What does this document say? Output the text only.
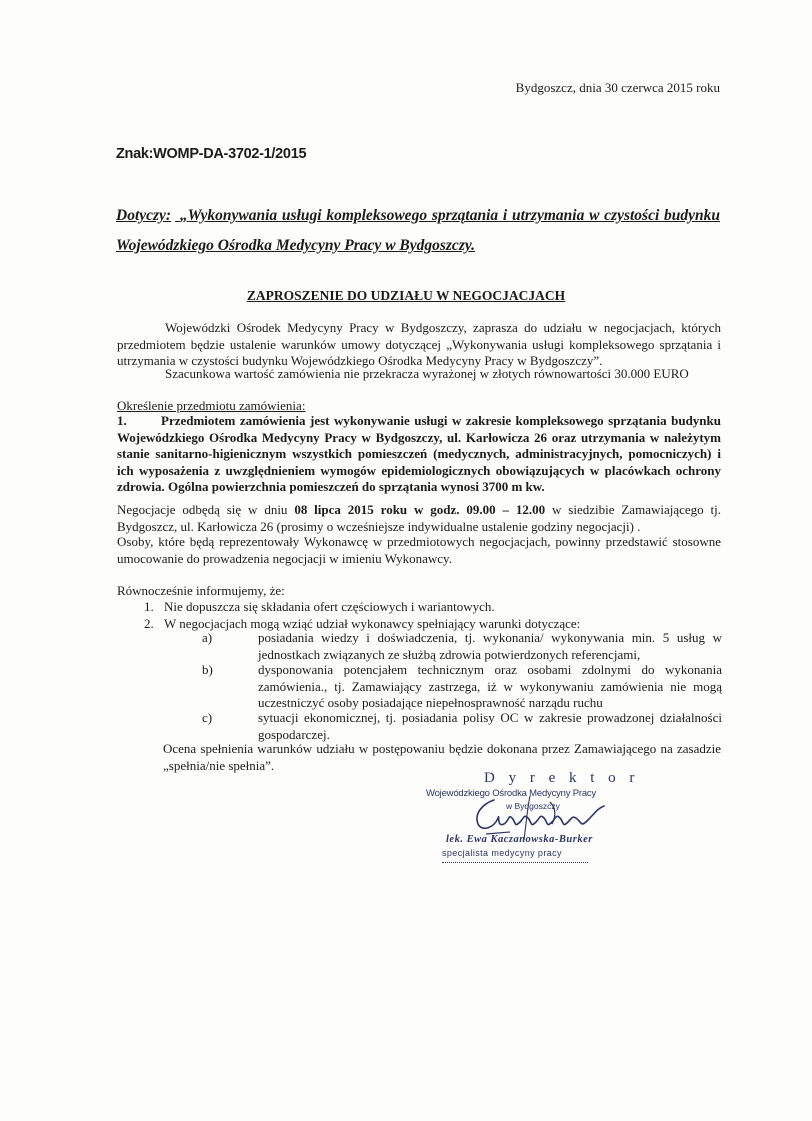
Bydgoszcz, dnia 30 czerwca 2015 roku
Znak:WOMP-DA-3702-1/2015
Dotyczy: „Wykonywania usługi kompleksowego sprzątania i utrzymania w czystości budynku Wojewódzkiego Ośrodka Medycyny Pracy w Bydgoszczy.
ZAPROSZENIE DO UDZIAŁU W NEGOCJACJACH
Wojewódzki Ośrodek Medycyny Pracy w Bydgoszczy, zaprasza do udziału w negocjacjach, których przedmiotem będzie ustalenie warunków umowy dotyczącej „Wykonywania usługi kompleksowego sprzątania i utrzymania w czystości budynku Wojewódzkiego Ośrodka Medycyny Pracy w Bydgoszczy”.
Szacunkowa wartość zamówienia nie przekracza wyrażonej w złotych równowartości 30.000 EURO
Określenie przedmiotu zamówienia:
1.	Przedmiotem zamówienia jest wykonywanie usługi w zakresie kompleksowego sprzątania budynku Wojewódzkiego Ośrodka Medycyny Pracy w Bydgoszczy, ul. Karłowicza 26 oraz utrzymania w należytym stanie sanitarno-higienicznym wszystkich pomieszczeń (medycznych, administracyjnych, pomocniczych) i ich wyposażenia z uwzględnieniem wymogów epidemiologicznych obowiązujących w placówkach ochrony zdrowia. Ogólna powierzchnia pomieszczeń do sprzątania wynosi 3700 m kw.
Negocjacje odbędą się w dniu 08 lipca 2015 roku w godz. 09.00 – 12.00 w siedzibie Zamawiającego tj. Bydgoszcz, ul. Karłowicza 26 (prosimy o wcześniejsze indywidualne ustalenie godziny negocjacji) .
Osoby, które będą reprezentowały Wykonawcę w przedmiotowych negocjacjach, powinny przedstawić stosowne umocowanie do prowadzenia negocjacji w imieniu Wykonawcy.
Równocześnie informujemy, że:
1. Nie dopuszcza się składania ofert częściowych i wariantowych.
2. W negocjacjach mogą wziąć udział wykonawcy spełniający warunki dotyczące:
a)	posiadania wiedzy i doświadczenia, tj. wykonania/ wykonywania min. 5 usług w jednostkach związanych ze służbą zdrowia potwierdzonych referencjami,
b)	dysponowania potencjałem technicznym oraz osobami zdolnymi do wykonania zamówienia., tj. Zamawiający zastrzega, iż w wykonywaniu zamówienia nie mogą uczestniczyć osoby posiadające niepełnosprawność narządu ruchu
c)	sytuacji ekonomicznej, tj. posiadania polisy OC w zakresie prowadzonej działalności gospodarczej.
Ocena spełnienia warunków udziału w postępowaniu będzie dokonana przez Zamawiającego na zasadzie „spełnia/nie spełnia”.
D y r e k t o r
Wojewódzkiego Ośrodka Medycyny Pracy
w Bydgoszczy
lek. Ewa Kaczanowska-Burker
specjalista medycyny pracy
